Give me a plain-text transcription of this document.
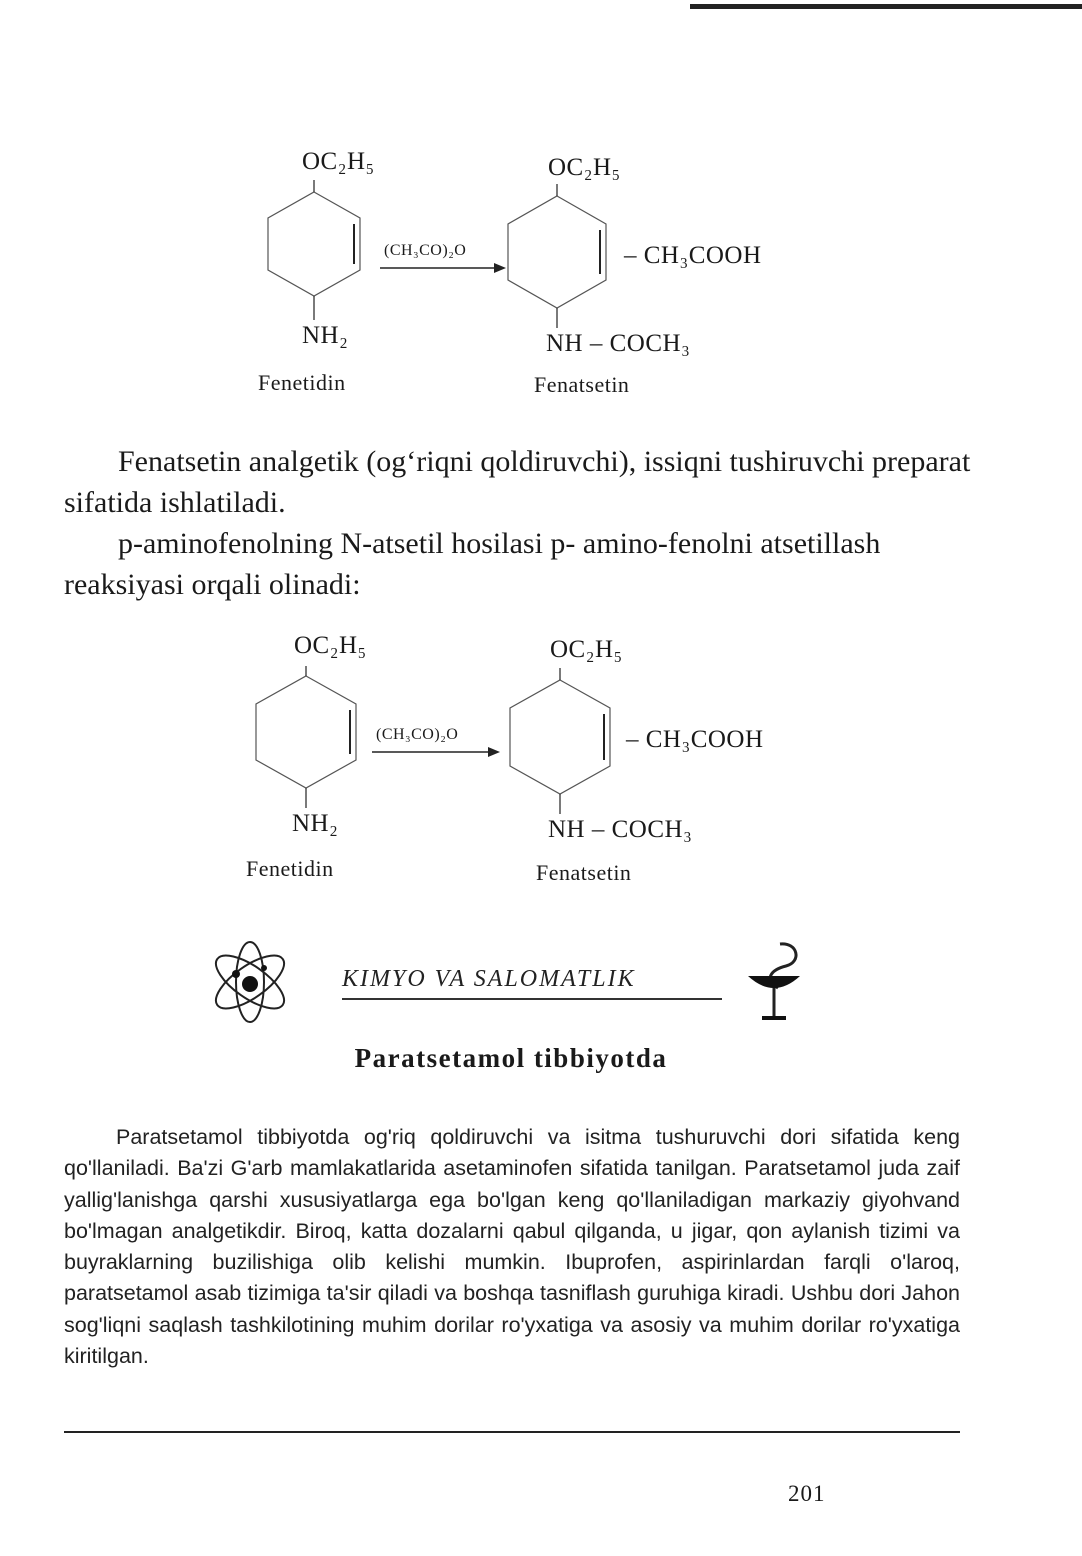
OC₂H₅
NH₂
Fenetidin
(CH₃CO)₂O
OC₂H₅
– CH₃COOH
NH – COCH₃
Fenatsetin
Fenatsetin analgetik (og‘riqni qoldiruvchi), issiqni tushiruvchi preparat sifatida ishlatiladi.
p-aminofenolning N-atsetil hosilasi p- amino-fenolni atsetillash reaksiyasi orqali olinadi:
OC₂H₅
NH₂
Fenetidin
(CH₃CO)₂O
OC₂H₅
– CH₃COOH
NH – COCH₃
Fenatsetin
KIMYO VA SALOMATLIK
Paratsetamol tibbiyotda
Paratsetamol tibbiyotda og'riq qoldiruvchi va isitma tushuruvchi dori sifatida keng qo'llaniladi. Ba'zi G'arb mamlakatlarida asetaminofen sifatida tanilgan. Paratsetamol juda zaif yallig'lanishga qarshi xususiyatlarga ega bo'lgan keng qo'llaniladigan markaziy giyohvand bo'lmagan analgetikdir. Biroq, katta dozalarni qabul qilganda, u jigar, qon aylanish tizimi va buyraklarning buzilishiga olib kelishi mumkin. Ibuprofen, aspirinlardan farqli o'laroq, paratsetamol asab tizimiga ta'sir qiladi va boshqa tasniflash guruhiga kiradi. Ushbu dori Jahon sog'liqni saqlash tashkilotining muhim dorilar ro'yxatiga va asosiy va muhim dorilar ro'yxatiga kiritilgan.
201
